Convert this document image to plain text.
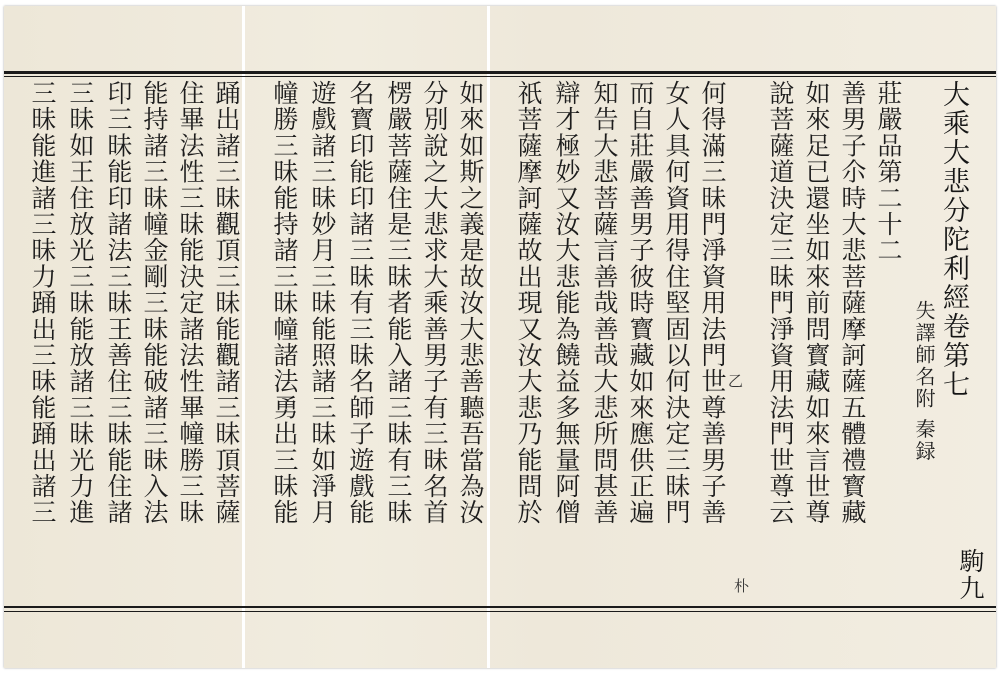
大乘大悲分陀利經卷第七
失譯師名附 秦録
駒九
乙
朴
莊嚴品第二十二
善男子尒時大悲菩薩摩訶薩五體禮寳藏
如來足已還坐如來前問寳藏如來言世尊
說菩薩道決定三昧門淨資用法門世尊云
何得滿三昧門淨資用法門世尊善男子善
女人具何資用得住堅固以何決定三昧門
而自莊嚴善男子彼時寳藏如來應供正遍
知告大悲菩薩言善哉善哉大悲所問甚善
辯才極妙又汝大悲能為饒益多無量阿僧
祇菩薩摩訶薩故出現又汝大悲乃能問於
如來如斯之義是故汝大悲善聽吾當為汝
分別說之大悲求大乘善男子有三昧名首
楞嚴菩薩住是三昧者能入諸三昧有三昧
名寳印能印諸三昧有三昧名師子遊戲能
遊戲諸三昧妙月三昧能照諸三昧如淨月
幢勝三昧能持諸三昧幢諸法勇出三昧能
踊出諸三昧觀頂三昧能觀諸三昧頂菩薩
住畢法性三昧能決定諸法性畢幢勝三昧
能持諸三昧幢金剛三昧能破諸三昧入法
印三昧能印諸法三昧王善住三昧能住諸
三昧如王住放光三昧能放諸三昧光力進
三昧能進諸三昧力踊出三昧能踊出諸三
